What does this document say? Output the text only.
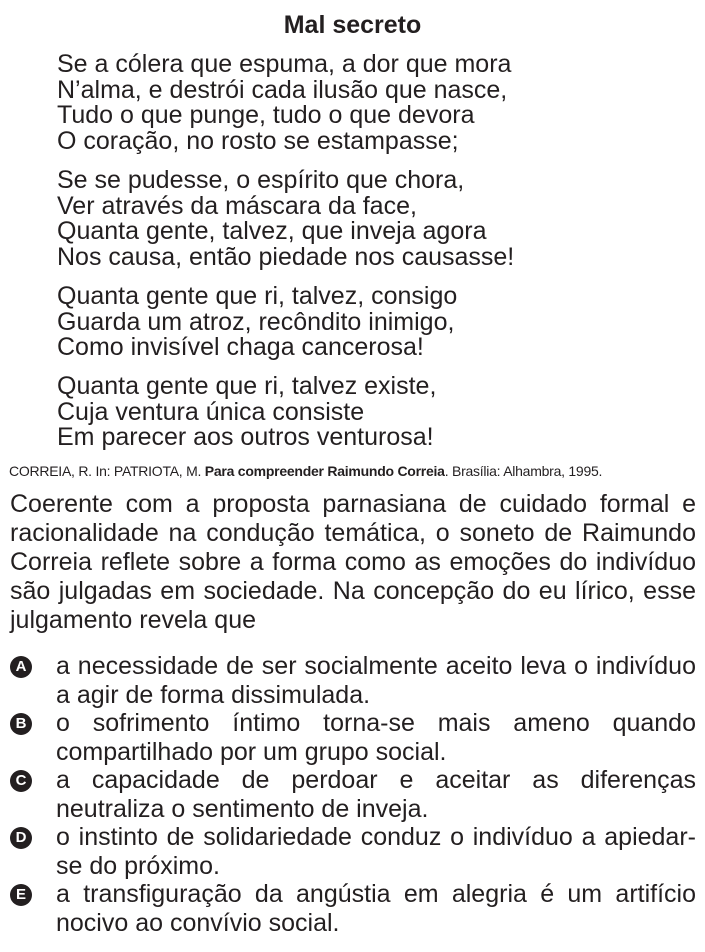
Mal secreto
Se a cólera que espuma, a dor que mora
N’alma, e destrói cada ilusão que nasce,
Tudo o que punge, tudo o que devora
O coração, no rosto se estampasse;
Se se pudesse, o espírito que chora,
Ver através da máscara da face,
Quanta gente, talvez, que inveja agora
Nos causa, então piedade nos causasse!
Quanta gente que ri, talvez, consigo
Guarda um atroz, recôndito inimigo,
Como invisível chaga cancerosa!
Quanta gente que ri, talvez existe,
Cuja ventura única consiste
Em parecer aos outros venturosa!
CORREIA, R. In: PATRIOTA, M. Para compreender Raimundo Correia. Brasília: Alhambra, 1995.
Coerente com a proposta parnasiana de cuidado formal e racionalidade na condução temática, o soneto de Raimundo Correia reflete sobre a forma como as emoções do indivíduo são julgadas em sociedade. Na concepção do eu lírico, esse julgamento revela que
A a necessidade de ser socialmente aceito leva o indivíduo a agir de forma dissimulada.
B o sofrimento íntimo torna-se mais ameno quando compartilhado por um grupo social.
C a capacidade de perdoar e aceitar as diferenças neutraliza o sentimento de inveja.
D o instinto de solidariedade conduz o indivíduo a apiedar-se do próximo.
E a transfiguração da angústia em alegria é um artifício nocivo ao convívio social.
